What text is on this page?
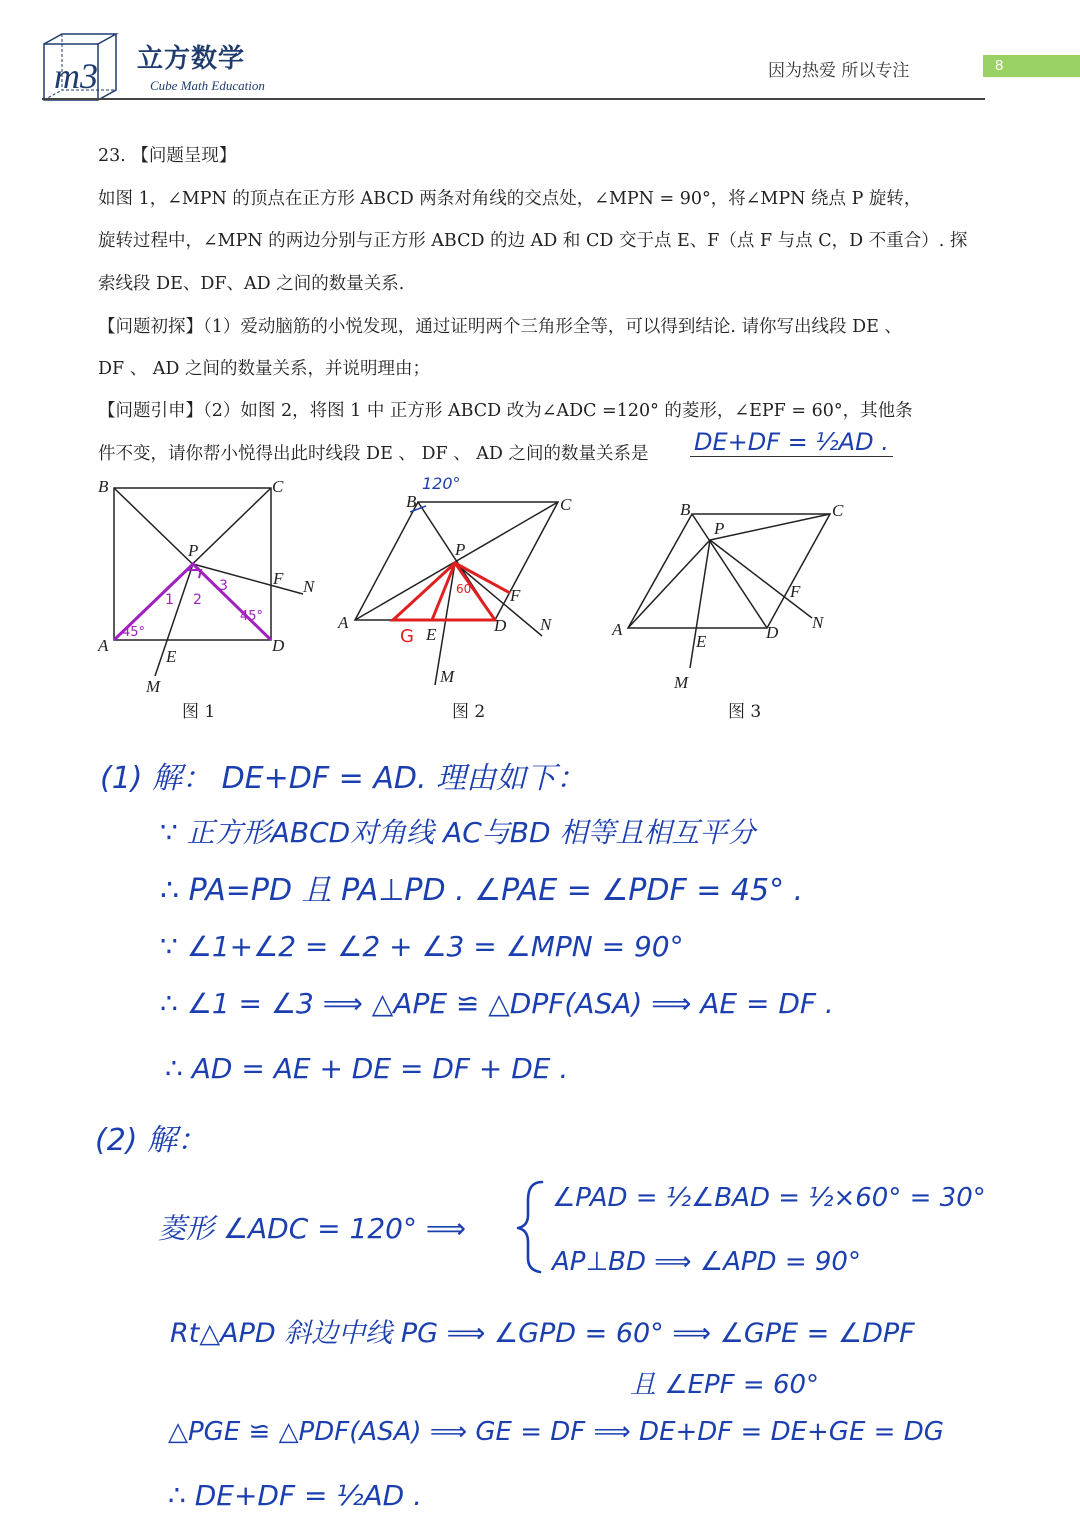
m3 立方数学
Cube Math Education
因为热爱 所以专注	8
23. 【问题呈现】
如图 1，∠MPN 的顶点在正方形 ABCD 两条对角线的交点处，∠MPN = 90°，将∠MPN 绕点 P 旋转，
旋转过程中，∠MPN 的两边分别与正方形 ABCD 的边 AD 和 CD 交于点 E、F（点 F 与点 C，D 不重合）. 探
索线段 DE、DF、AD 之间的数量关系.
【问题初探】（1）爱动脑筋的小悦发现，通过证明两个三角形全等，可以得到结论. 请你写出线段 DE 、
DF 、 AD 之间的数量关系，并说明理由；
【问题引申】（2）如图 2，将图 1 中 正方形 ABCD 改为∠ADC =120° 的菱形，∠EPF = 60°，其他条
件不变，请你帮小悦得出此时线段 DE 、 DF 、 AD 之间的数量关系是 DE+DF = ½AD .
B	C
A	D
P
F N
E
M
1 2
3
45°
45°
B	C
A	D
P
F
N
E
M
120°
60
G
B	C
A	D
P
F
N
E
M
图 1	图 2	图 3
(1) 解： DE+DF = AD. 理由如下：
∵ 正方形ABCD对角线 AC与BD 相等且相互平分
∴ PA=PD 且 PA⊥PD . ∠PAE = ∠PDF = 45° .
∵ ∠1+∠2 = ∠2 + ∠3 = ∠MPN = 90°
∴ ∠1 = ∠3 ⟹ △APE ≌ △DPF(ASA) ⟹ AE = DF .
∴ AD = AE + DE = DF + DE .
(2) 解：
菱形 ∠ADC = 120° ⟹
∠PAD = ½∠BAD = ½×60° = 30°
AP⊥BD ⟹ ∠APD = 90°
Rt△APD 斜边中线 PG ⟹ ∠GPD = 60° ⟹ ∠GPE = ∠DPF
且 ∠EPF = 60°
△PGE ≌ △PDF(ASA) ⟹ GE = DF ⟹ DE+DF = DE+GE = DG
∴ DE+DF = ½AD .
